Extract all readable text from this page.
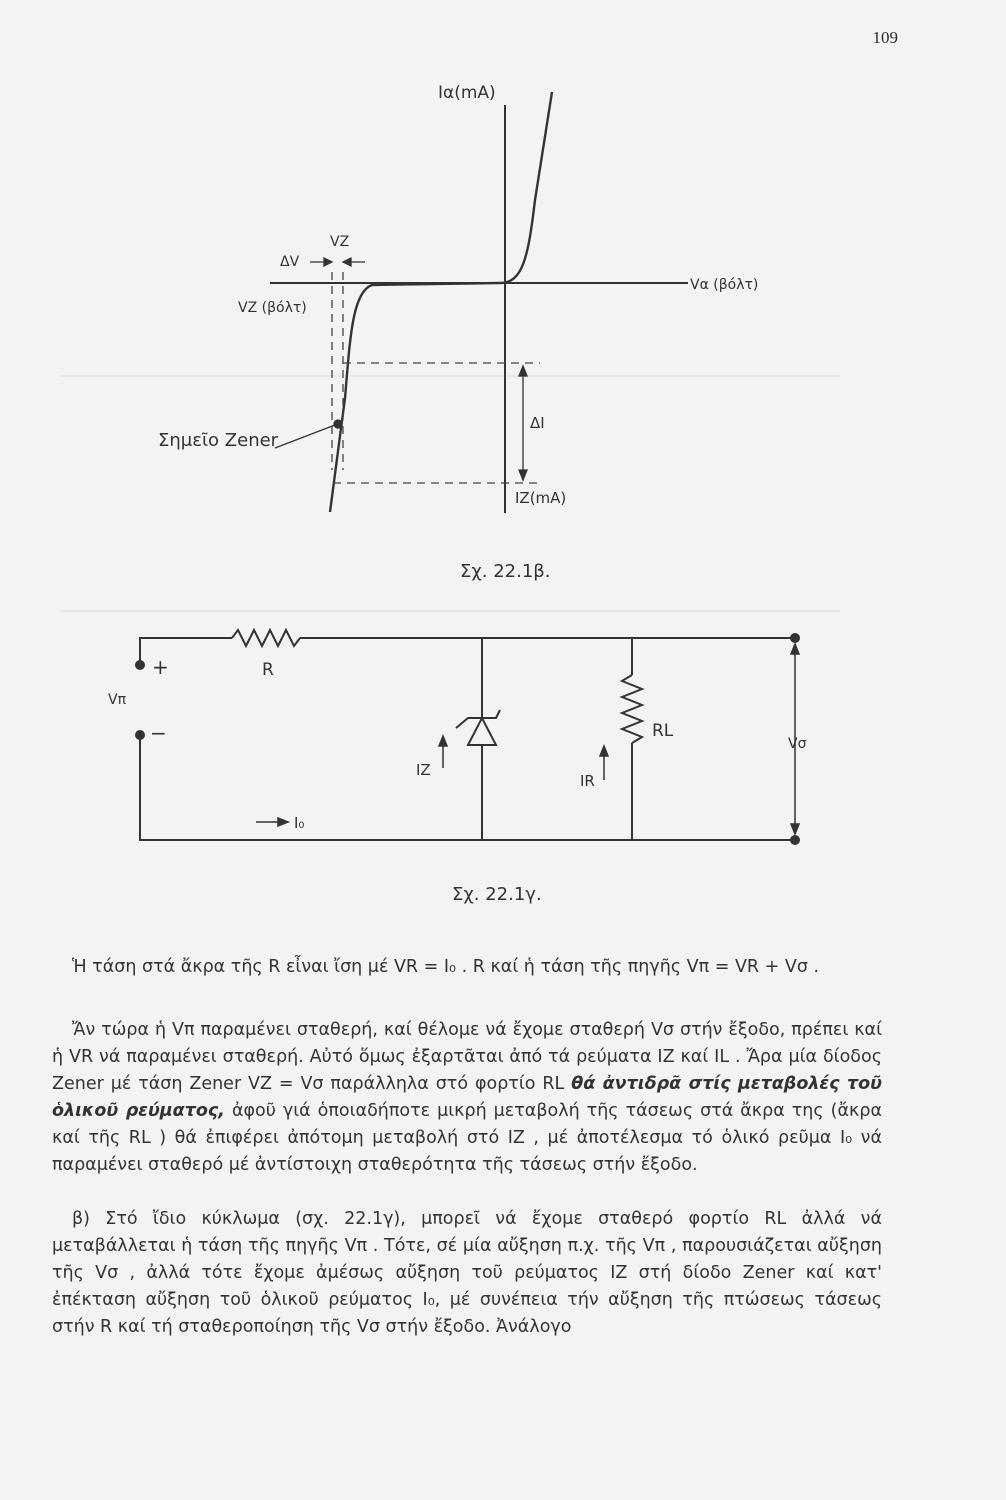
109
Iα(mA)
Vα (βόλτ)
VZ (βόλτ)
VZ
ΔV
ΔI
IZ(mA)
Σημεῖο Zener
Σχ. 22.1β.
+
−
Vπ
R
RL
IZ
IR
I₀
Vσ
Σχ. 22.1γ.
Ἡ τάση στά ἄκρα τῆς R εἶναι ἴση μέ VR = I₀ . R καί ἡ τάση τῆς πηγῆς Vπ = VR + Vσ .
Ἄν τώρα ἡ Vπ παραμένει σταθερή, καί θέλομε νά ἔχομε σταθερή Vσ στήν ἔξοδο, πρέπει καί ἡ VR νά παραμένει σταθερή. Αὐτό ὅμως ἐξαρτᾶται ἀπό τά ρεύματα IZ καί IL . Ἄρα μία δίοδος Zener μέ τάση Zener VZ = Vσ παράλληλα στό φορτίο RL θά ἀντιδρᾶ στίς μεταβολές τοῦ ὁλικοῦ ρεύματος, ἀφοῦ γιά ὁποιαδήποτε μικρή μεταβολή τῆς τάσεως στά ἄκρα της (ἄκρα καί τῆς RL ) θά ἐπιφέρει ἀπότομη μεταβολή στό IZ , μέ ἀποτέλεσμα τό ὁλικό ρεῦμα I₀ νά παραμένει σταθερό μέ ἀντίστοιχη σταθερότητα τῆς τάσεως στήν ἔξοδο.
β) Στό ἴδιο κύκλωμα (σχ. 22.1γ), μπορεῖ νά ἔχομε σταθερό φορτίο RL ἀλλά νά μεταβάλλεται ἡ τάση τῆς πηγῆς Vπ . Τότε, σέ μία αὔξηση π.χ. τῆς Vπ , παρουσιάζεται αὔξηση τῆς Vσ , ἀλλά τότε ἔχομε ἀμέσως αὔξηση τοῦ ρεύματος IZ στή δίοδο Zener καί κατ' ἐπέκταση αὔξηση τοῦ ὁλικοῦ ρεύματος I₀, μέ συνέπεια τήν αὔξηση τῆς πτώσεως τάσεως στήν R καί τή σταθεροποίηση τῆς Vσ στήν ἔξοδο. Ἀνάλογο
